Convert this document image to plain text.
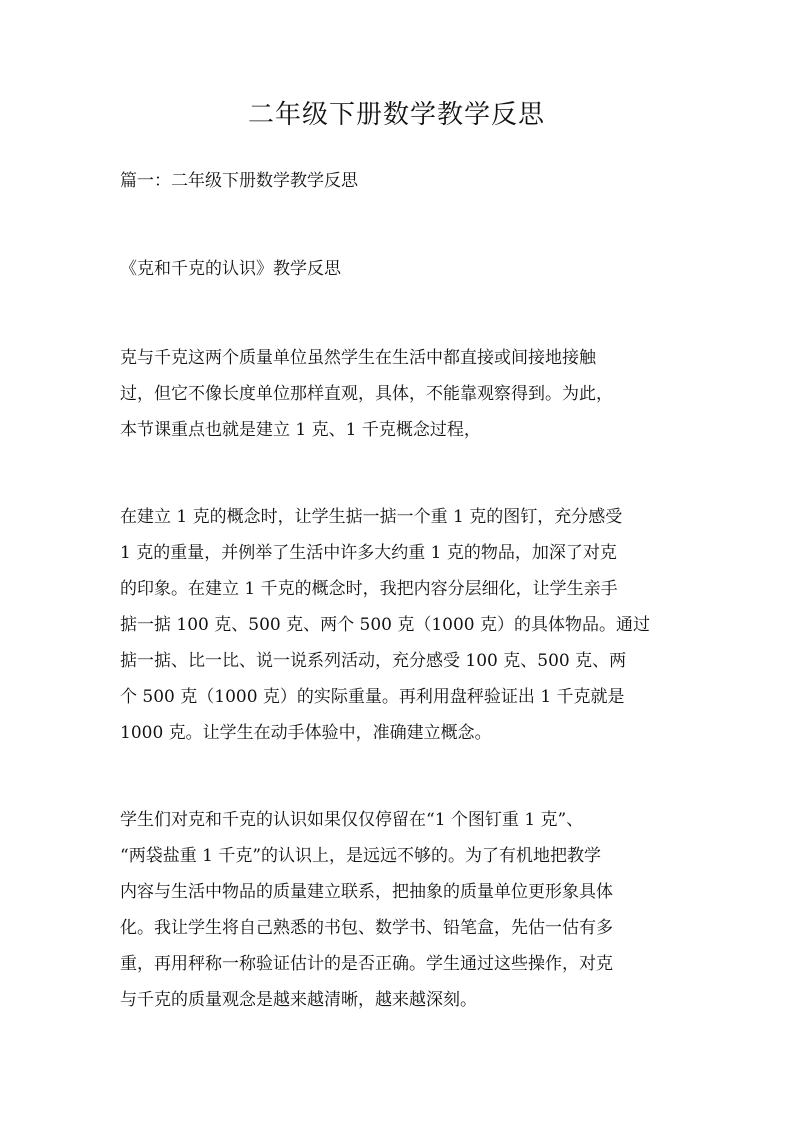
二年级下册数学教学反思

篇一：二年级下册数学教学反思

《克和千克的认识》教学反思

克与千克这两个质量单位虽然学生在生活中都直接或间接地接触
过，但它不像长度单位那样直观，具体，不能靠观察得到。为此，
本节课重点也就是建立 1 克、1 千克概念过程，

在建立 1 克的概念时，让学生掂一掂一个重 1 克的图钉，充分感受
1 克的重量，并例举了生活中许多大约重 1 克的物品，加深了对克
的印象。在建立 1 千克的概念时，我把内容分层细化，让学生亲手
掂一掂 100 克、500 克、两个 500 克（1000 克）的具体物品。通过
掂一掂、比一比、说一说系列活动，充分感受 100 克、500 克、两
个 500 克（1000 克）的实际重量。再利用盘秤验证出 1 千克就是
1000 克。让学生在动手体验中，准确建立概念。

学生们对克和千克的认识如果仅仅停留在“1 个图钉重 1 克”、
“两袋盐重 1 千克”的认识上，是远远不够的。为了有机地把教学
内容与生活中物品的质量建立联系，把抽象的质量单位更形象具体
化。我让学生将自己熟悉的书包、数学书、铅笔盒，先估一估有多
重，再用秤称一称验证估计的是否正确。学生通过这些操作，对克
与千克的质量观念是越来越清晰，越来越深刻。
